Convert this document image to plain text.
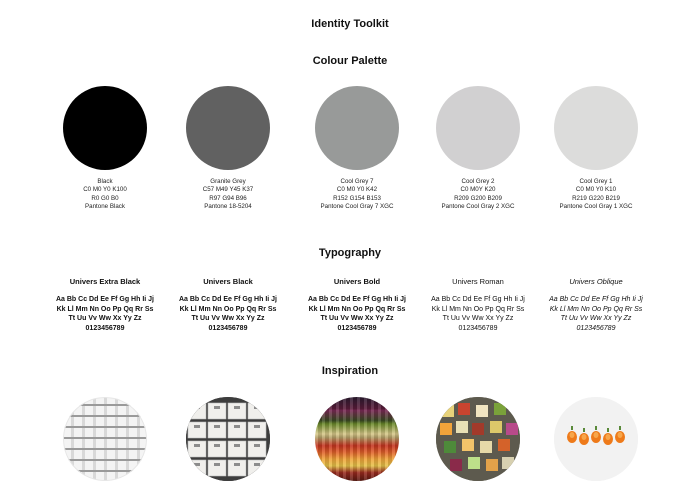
Identity Toolkit
Colour Palette
Black
C0 M0 Y0 K100
R0 G0 B0
Pantone Black
Granite Grey
C57 M49 Y45 K37
R97 G94 B96
Pantone 18-5204
Cool Grey 7
C0 M0 Y0 K42
R152 G154 B153
Pantone Cool Gray 7 XGC
Cool Grey 2
C0 M0Y K20
R209 G200 B209
Pantone Cool Gray 2 XGC
Cool Grey 1
C0 M0 Y0 K10
R219 G220 B219
Pantone Cool Gray 1 XGC
Typography
Univers Extra Black
Aa Bb Cc Dd Ee Ff Gg Hh Ii Jj
Kk Ll Mm Nn Oo Pp Qq Rr Ss
Tt Uu Vv Ww Xx Yy Zz
0123456789
Univers Black
Aa Bb Cc Dd Ee Ff Gg Hh Ii Jj
Kk Ll Mm Nn Oo Pp Qq Rr Ss
Tt Uu Vv Ww Xx Yy Zz
0123456789
Univers Bold
Aa Bb Cc Dd Ee Ff Gg Hh Ii Jj
Kk Ll Mm Nn Oo Pp Qq Rr Ss
Tt Uu Vv Ww Xx Yy Zz
0123456789
Univers Roman
Aa Bb Cc Dd Ee Ff Gg Hh Ii Jj
Kk Ll Mm Nn Oo Pp Qq Rr Ss
Tt Uu Vv Ww Xx Yy Zz
0123456789
Univers Oblique
Aa Bb Cc Dd Ee Ff Gg Hh Ii Jj
Kk Ll Mm Nn Oo Pp Qq Rr Ss
Tt Uu Vv Ww Xx Yy Zz
0123456789
Inspiration
